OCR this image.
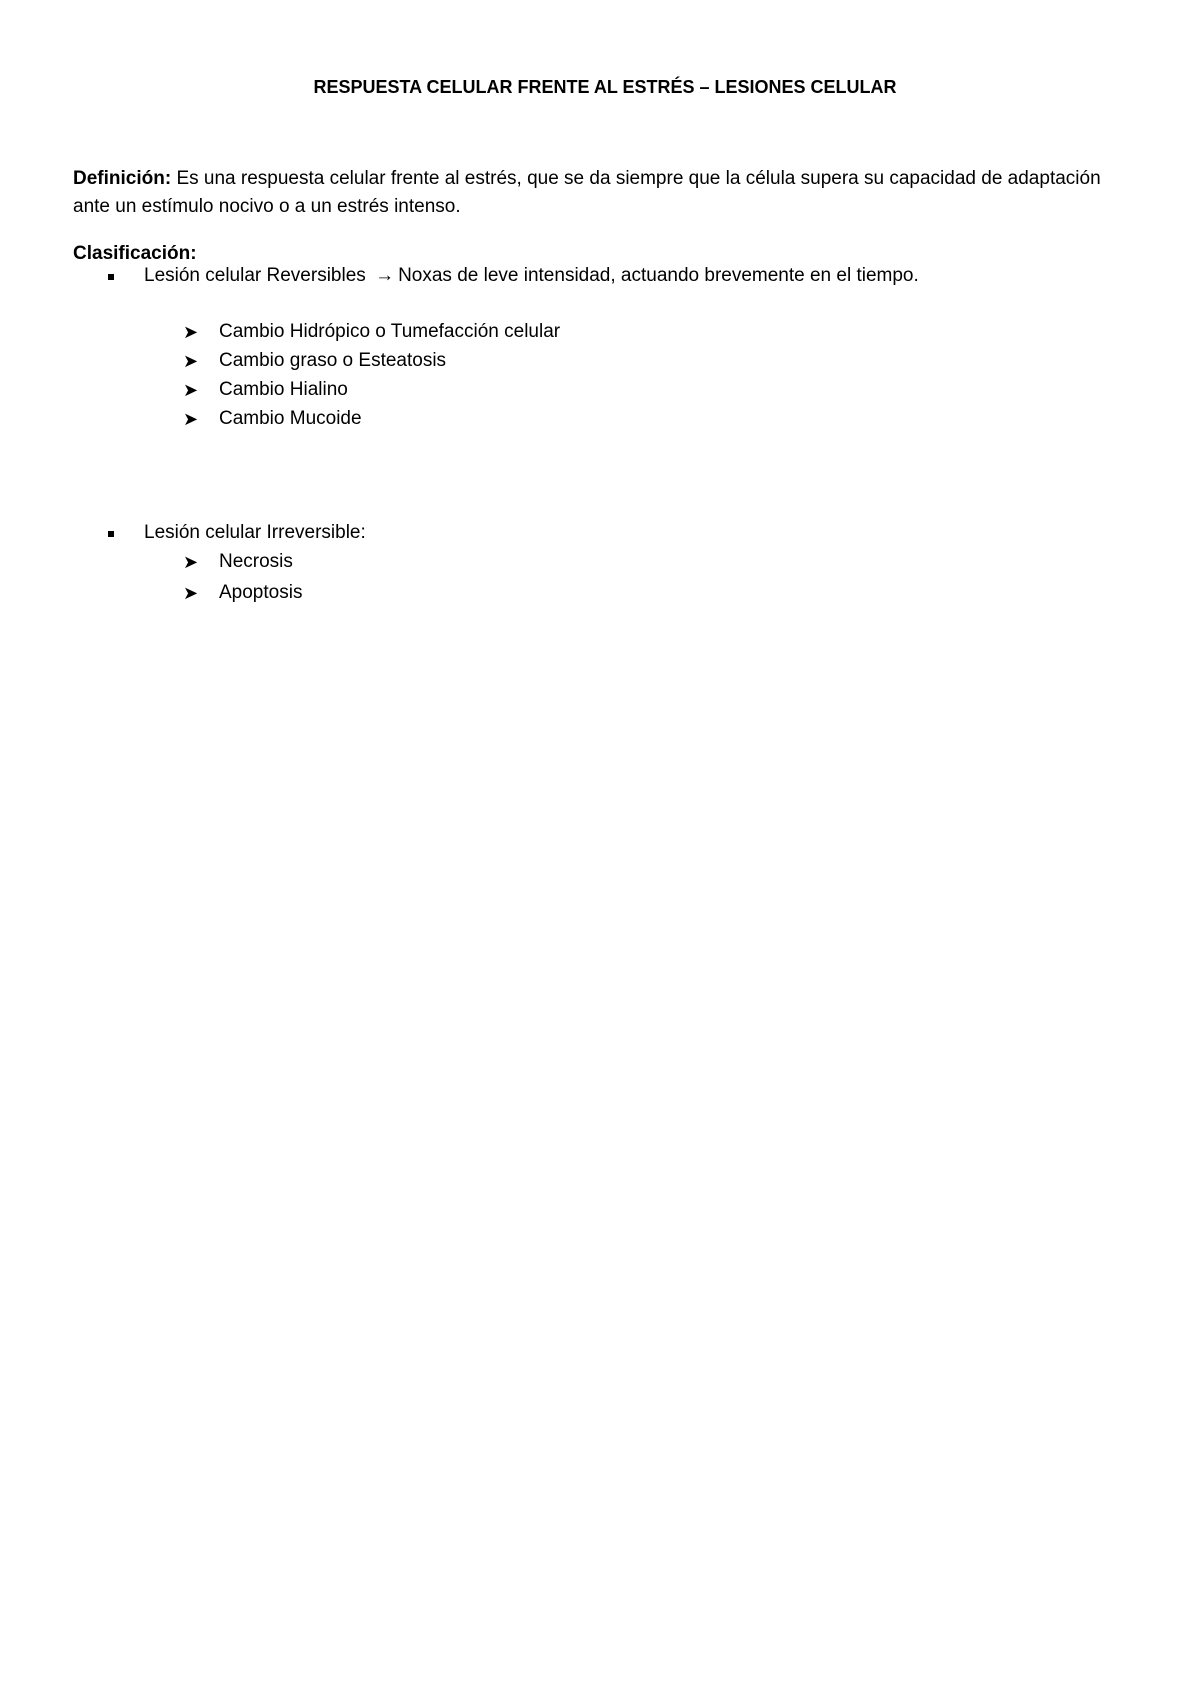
RESPUESTA CELULAR FRENTE AL ESTRÉS – LESIONES CELULAR
Definición: Es una respuesta celular frente al estrés, que se da siempre que la célula supera su capacidad de adaptación ante un estímulo nocivo o a un estrés intenso.
Clasificación:
Lesión celular Reversibles → Noxas de leve intensidad, actuando brevemente en el tiempo.
➤ Cambio Hidrópico o Tumefacción celular
➤ Cambio graso o Esteatosis
➤ Cambio Hialino
➤ Cambio Mucoide
Lesión celular Irreversible:
➤ Necrosis
➤ Apoptosis
